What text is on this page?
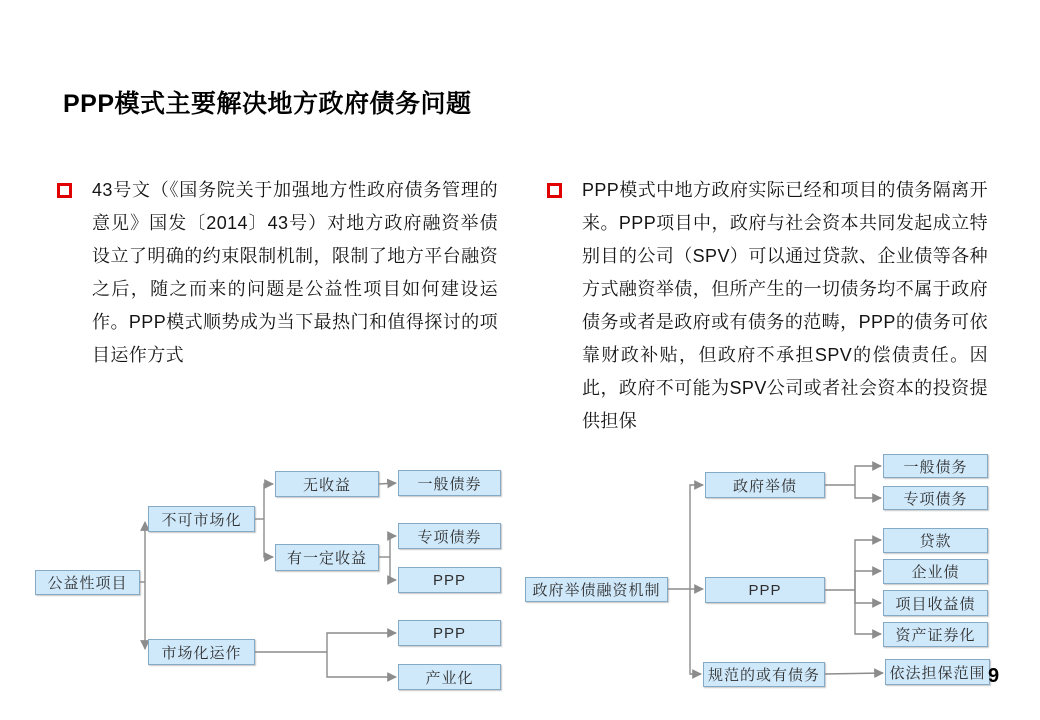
PPP模式主要解决地方政府债务问题

43号文（《国务院关于加强地方性政府债务管理的意见》国发〔2014〕43号）对地方政府融资举债设立了明确的约束限制机制，限制了地方平台融资之后，随之而来的问题是公益性项目如何建设运作。PPP模式顺势成为当下最热门和值得探讨的项目运作方式

PPP模式中地方政府实际已经和项目的债务隔离开来。PPP项目中，政府与社会资本共同发起成立特别目的公司（SPV）可以通过贷款、企业债等各种方式融资举债，但所产生的一切债务均不属于政府债务或者是政府或有债务的范畴，PPP的债务可依靠财政补贴，但政府不承担SPV的偿债责任。因此，政府不可能为SPV公司或者社会资本的投资提供担保

公益性项目
不可市场化
无收益	一般债券
有一定收益
专项债券
PPP
市场化运作
PPP
产业化
政府举债融资机制
政府举债
一般债务
专项债务
PPP
贷款
企业债
项目收益债
资产证券化
规范的或有债务	依法担保范围 9
